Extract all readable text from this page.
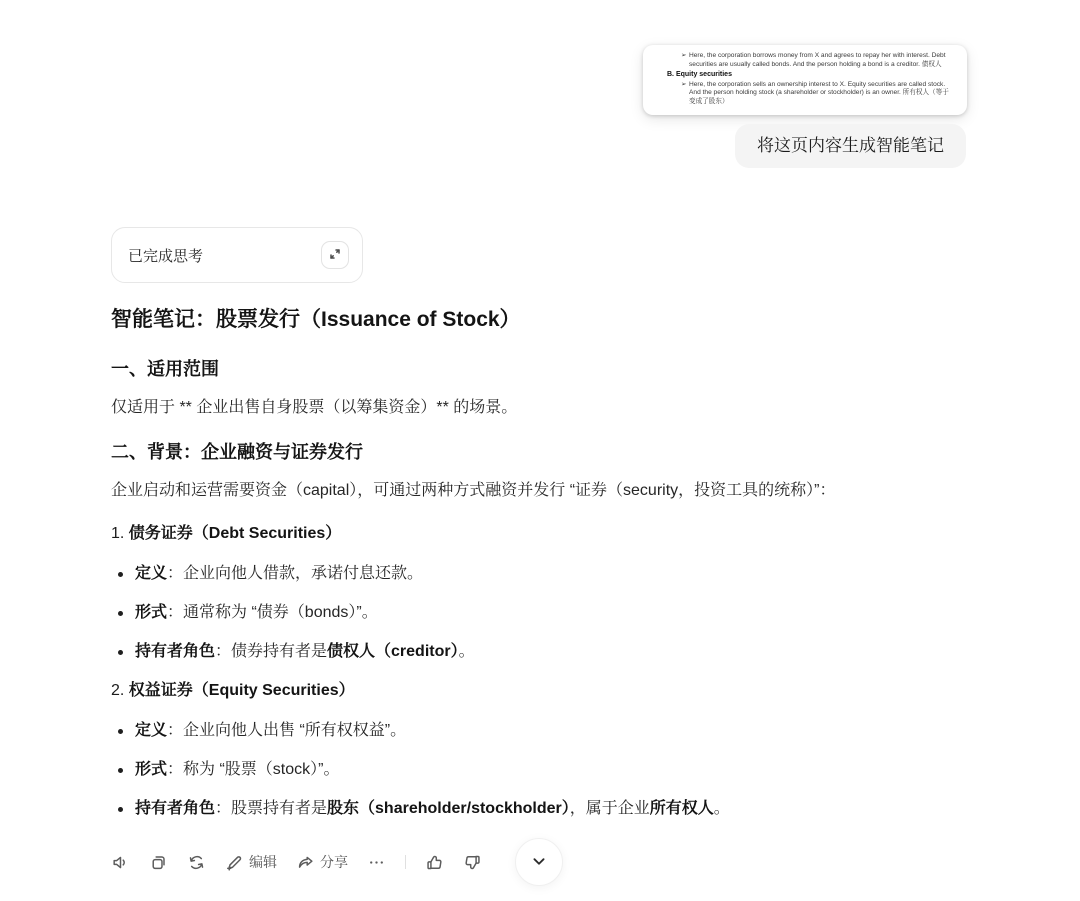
➢ Here, the corporation borrows money from X and agrees to repay her with interest. Debt securities are usually called bonds. And the person holding a bond is a creditor. 债权人
B. Equity securities
➢ Here, the corporation sells an ownership interest to X. Equity securities are called stock. And the person holding stock (a shareholder or stockholder) is an owner. 所有权人（等于变成了股东）
将这页内容生成智能笔记
已完成思考
智能笔记：股票发行（Issuance of Stock）
一、适用范围

仅适用于 ** 企业出售自身股票（以筹集资金）** 的场景。

二、背景：企业融资与证券发行

企业启动和运营需要资金（capital），可通过两种方式融资并发行 “证券（security，投资工具的统称）”：

1. 债务证券（Debt Securities）
定义：企业向他人借款，承诺付息还款。
形式：通常称为 “债券（bonds）”。
持有者角色：债券持有者是债权人（creditor）。
2. 权益证券（Equity Securities）
定义：企业向他人出售 “所有权权益”。
形式：称为 “股票（stock）”。
持有者角色：股票持有者是股东（shareholder/stockholder），属于企业所有权人。
编辑	分享
